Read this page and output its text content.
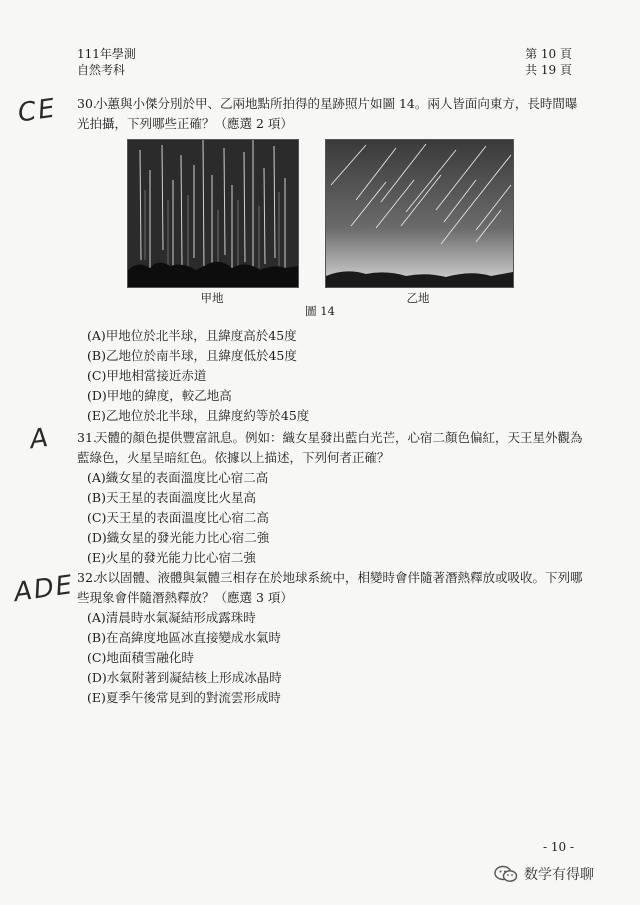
111年學測
自然考科
第 10 頁
共 19 頁
CE
A
ADE
30.小蕙與小傑分別於甲、乙兩地點所拍得的星跡照片如圖 14。兩人皆面向東方，長時間曝光拍攝，下列哪些正確？（應選 2 項）
甲地	乙地
圖 14
(A)甲地位於北半球，且緯度高於45度
(B)乙地位於南半球，且緯度低於45度
(C)甲地相當接近赤道
(D)甲地的緯度，較乙地高
(E)乙地位於北半球，且緯度約等於45度
31.天體的顏色提供豐富訊息。例如：織女星發出藍白光芒，心宿二顏色偏紅，天王星外觀為藍綠色，火星呈暗紅色。依據以上描述，下列何者正確？
(A)織女星的表面溫度比心宿二高
(B)天王星的表面溫度比火星高
(C)天王星的表面溫度比心宿二高
(D)織女星的發光能力比心宿二強
(E)火星的發光能力比心宿二強
32.水以固體、液體與氣體三相存在於地球系統中，相變時會伴隨著潛熱釋放或吸收。下列哪些現象會伴隨潛熱釋放？（應選 3 項）
(A)清晨時水氣凝結形成露珠時
(B)在高緯度地區冰直接變成水氣時
(C)地面積雪融化時
(D)水氣附著到凝結核上形成冰晶時
(E)夏季午後常見到的對流雲形成時
- 10 -
数学有得聊
